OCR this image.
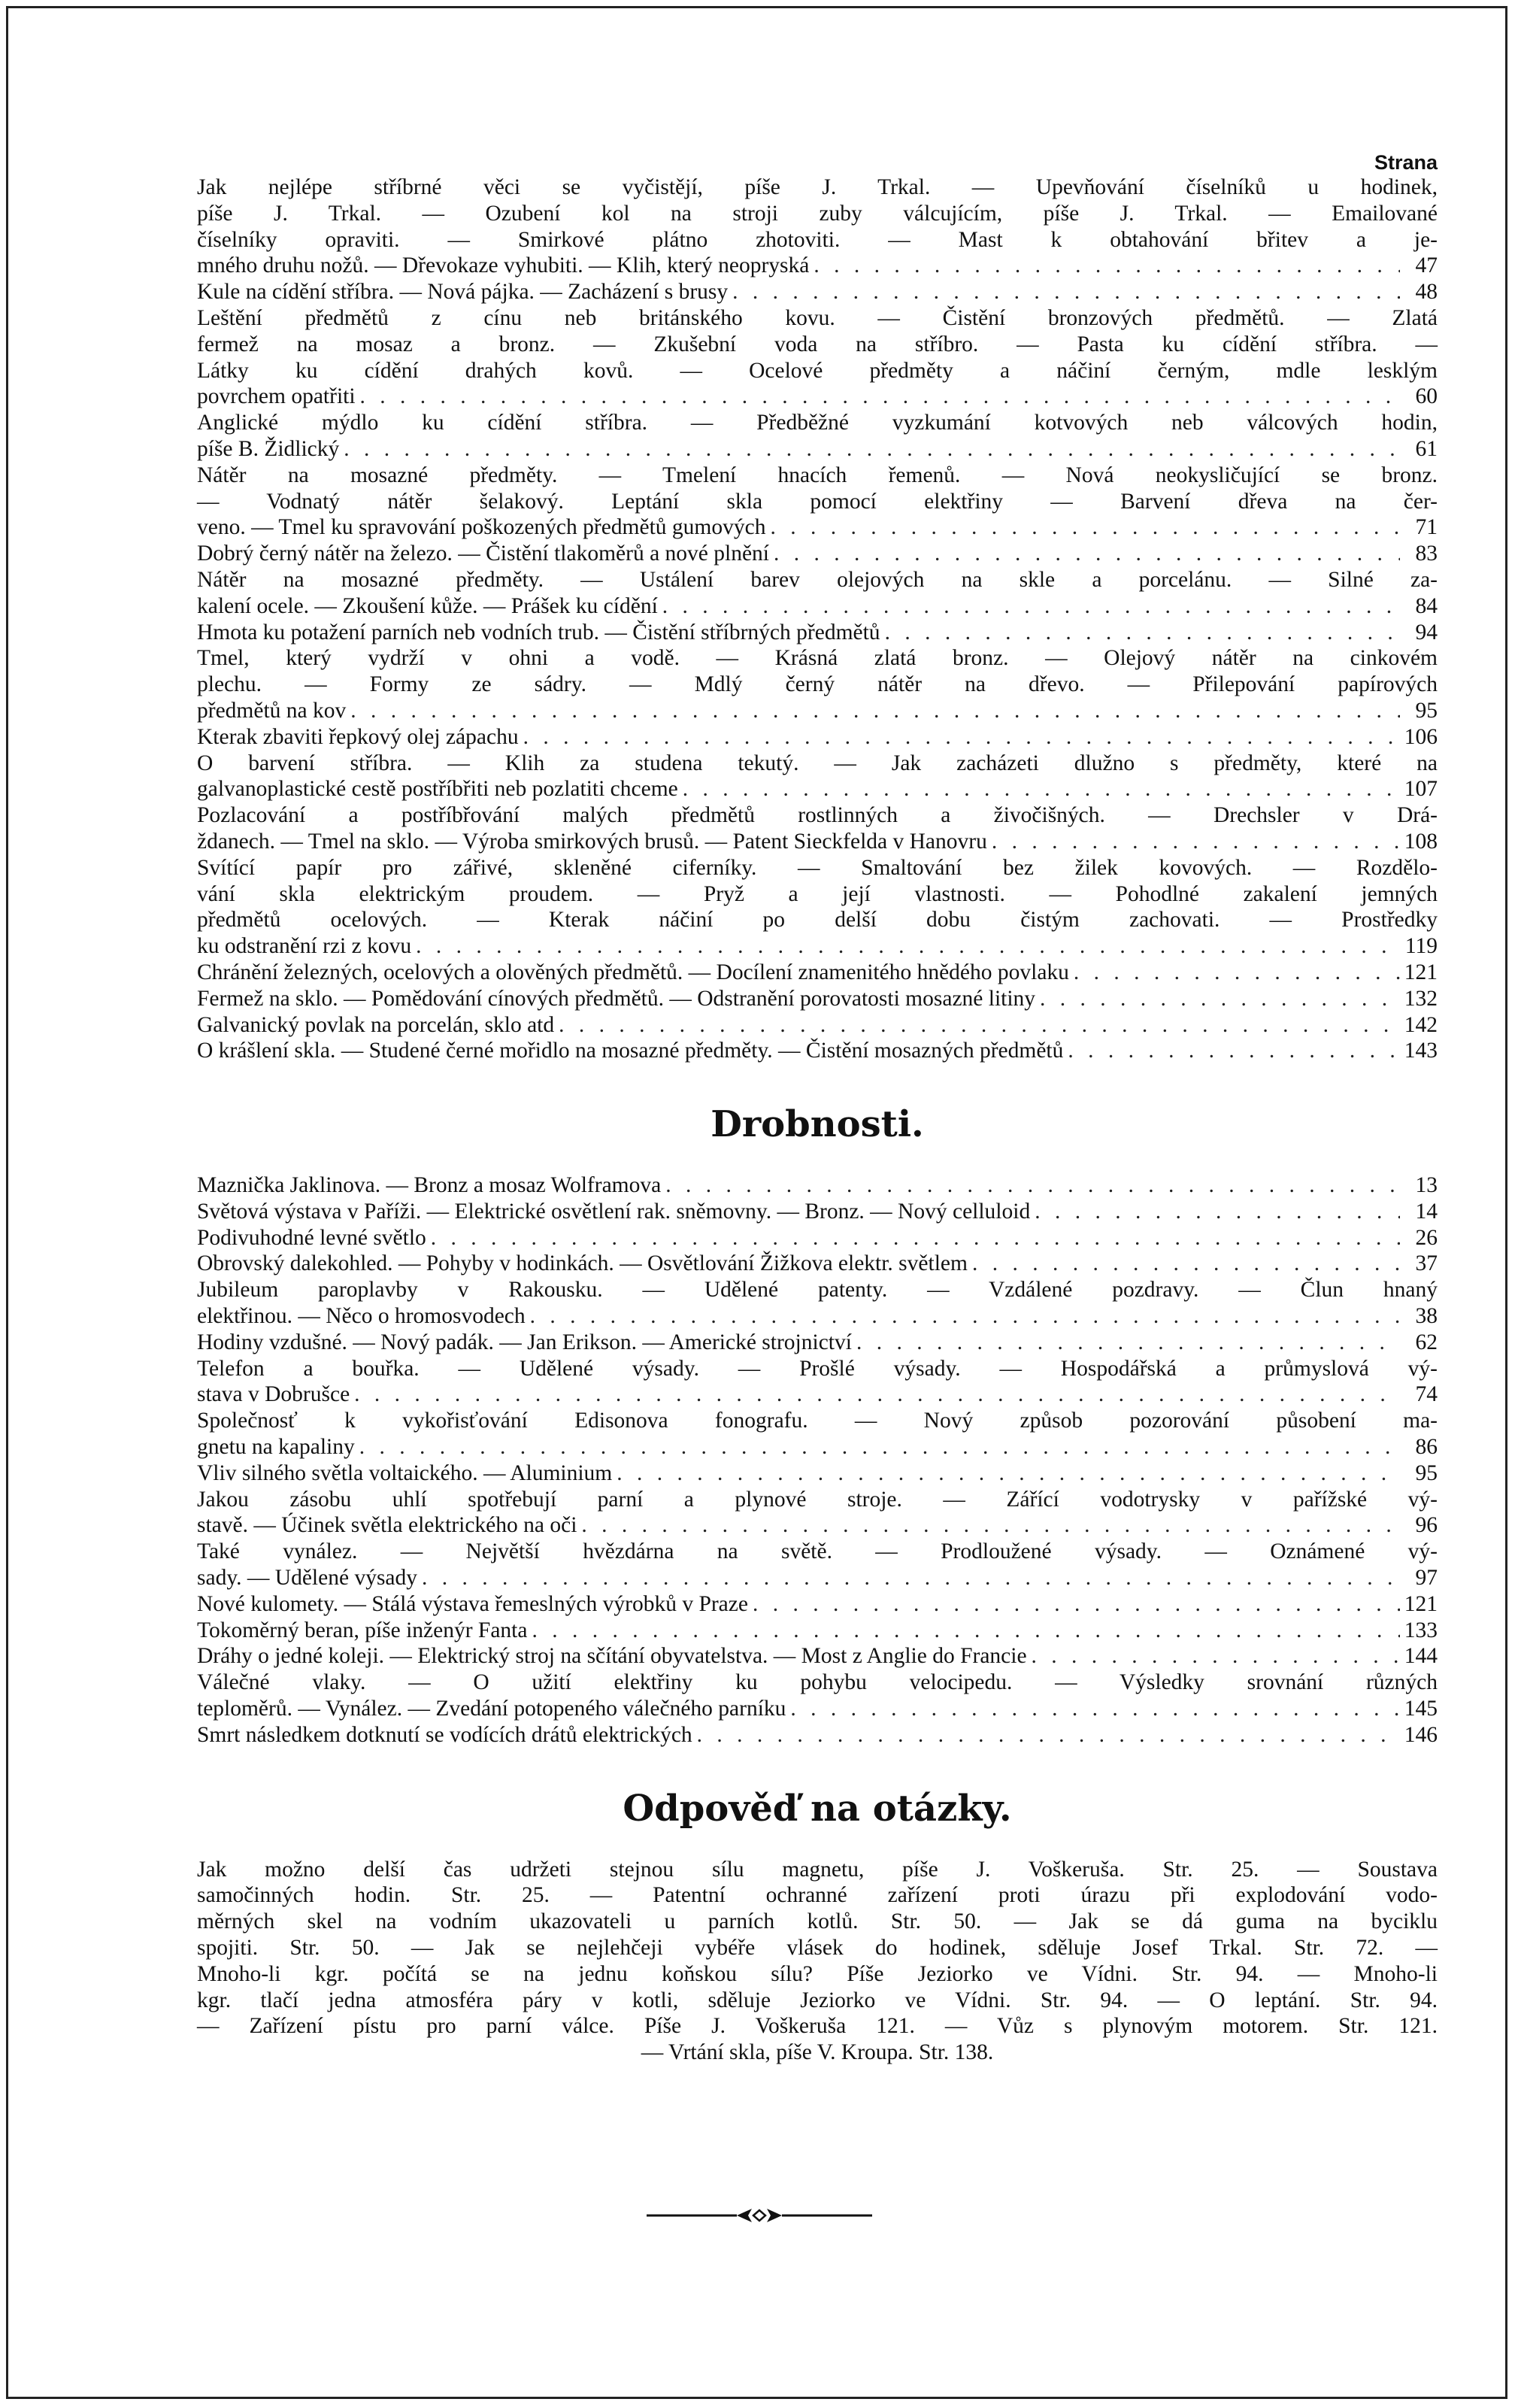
Strana
Jak nejlépe stříbrné věci se vyčistějí, píše J. Trkal. — Upevňování číselníků u hodinek,
píše J. Trkal. — Ozubení kol na stroji zuby válcujícím, píše J. Trkal. — Emailované
číselníky opraviti. — Smirkové plátno zhotoviti. — Mast k obtahování břitev a je-
mného druhu nožů. — Dřevokaze vyhubiti. — Klih, který neopryská . . .	47
Kule na cídění stříbra. — Nová pájka. — Zacházení s brusy . . .	48
Leštění předmětů z cínu neb británského kovu. — Čistění bronzových předmětů. — Zlatá
fermež na mosaz a bronz. — Zkušební voda na stříbro. — Pasta ku cídění stříbra. —
Látky ku cídění drahých kovů. — Ocelové předměty a náčiní černým, mdle lesklým
povrchem opatřiti . . .	60
Anglické mýdlo ku cídění stříbra. — Předběžné vyzkumání kotvových neb válcových hodin,
píše B. Židlický . . .	61
Nátěr na mosazné předměty. — Tmelení hnacích řemenů. — Nová neokysličující se bronz.
— Vodnatý nátěr šelakový. Leptání skla pomocí elektřiny — Barvení dřeva na čer-
veno. — Tmel ku spravování poškozených předmětů gumových . . .	71
Dobrý černý nátěr na železo. — Čistění tlakoměrů a nové plnění . . .	83
Nátěr na mosazné předměty. — Ustálení barev olejových na skle a porcelánu. — Silné za-
kalení ocele. — Zkoušení kůže. — Prášek ku cídění . . .	84
Hmota ku potažení parních neb vodních trub. — Čistění stříbrných předmětů . . .	94
Tmel, který vydrží v ohni a vodě. — Krásná zlatá bronz. — Olejový nátěr na cinkovém
plechu. — Formy ze sádry. — Mdlý černý nátěr na dřevo. — Přilepování papírových
předmětů na kov . . .	95
Kterak zbaviti řepkový olej zápachu . . .	106
O barvení stříbra. — Klih za studena tekutý. — Jak zacházeti dlužno s předměty, které na
galvanoplastické cestě postříbřiti neb pozlatiti chceme . . .	107
Pozlacování a postříbřování malých předmětů rostlinných a živočišných. — Drechsler v Drá-
ždanech. — Tmel na sklo. — Výroba smirkových brusů. — Patent Sieckfelda v Hanovru . . .	108
Svítící papír pro zářivé, skleněné ciferníky. — Smaltování bez žilek kovových. — Rozdělo-
vání skla elektrickým proudem. — Pryž a její vlastnosti. — Pohodlné zakalení jemných
předmětů ocelových. — Kterak náčiní po delší dobu čistým zachovati. — Prostředky
ku odstranění rzi z kovu . . .	119
Chránění železných, ocelových a olověných předmětů. — Docílení znamenitého hnědého povlaku . . .	121
Fermež na sklo. — Pomědování cínových předmětů. — Odstranění porovatosti mosazné litiny . . .	132
Galvanický povlak na porcelán, sklo atd . . .	142
O krášlení skla. — Studené černé mořidlo na mosazné předměty. — Čistění mosazných předmětů . . .	143
Drobnosti.
Maznička Jaklinova. — Bronz a mosaz Wolframova . . .	13
Světová výstava v Paříži. — Elektrické osvětlení rak. sněmovny. — Bronz. — Nový celluloid . . .	14
Podivuhodné levné světlo . . .	26
Obrovský dalekohled. — Pohyby v hodinkách. — Osvětlování Žižkova elektr. světlem . . .	37
Jubileum paroplavby v Rakousku. — Udělené patenty. — Vzdálené pozdravy. — Člun hnaný
elektřinou. — Něco o hromosvodech . . .	38
Hodiny vzdušné. — Nový padák. — Jan Erikson. — Americké strojnictví . . .	62
Telefon a bouřka. — Udělené výsady. — Prošlé výsady. — Hospodářská a průmyslová vý-
stava v Dobrušce . . .	74
Společnosť k vykořisťování Edisonova fonografu. — Nový způsob pozorování působení ma-
gnetu na kapaliny . . .	86
Vliv silného světla voltaického. — Aluminium . . .	95
Jakou zásobu uhlí spotřebují parní a plynové stroje. — Zářící vodotrysky v pařížské vý-
stavě. — Účinek světla elektrického na oči . . .	96
Také vynález. — Největší hvězdárna na světě. — Prodloužené výsady. — Oznámené vý-
sady. — Udělené výsady . . .	97
Nové kulomety. — Stálá výstava řemeslných výrobků v Praze . . .	121
Tokoměrný beran, píše inženýr Fanta . . .	133
Dráhy o jedné koleji. — Elektrický stroj na sčítání obyvatelstva. — Most z Anglie do Francie . . .	144
Válečné vlaky. — O užití elektřiny ku pohybu velocipedu. — Výsledky srovnání různých
teploměrů. — Vynález. — Zvedání potopeného válečného parníku . . .	145
Smrt následkem dotknutí se vodících drátů elektrických . . .	146
Odpověď na otázky.

Jak možno delší čas udržeti stejnou sílu magnetu, píše J. Voškeruša. Str. 25. — Soustava
samočinných hodin. Str. 25. — Patentní ochranné zařízení proti úrazu při explodování vodo-
měrných skel na vodním ukazovateli u parních kotlů. Str. 50. — Jak se dá guma na byciklu
spojiti. Str. 50. — Jak se nejlehčeji vybéře vlásek do hodinek, sděluje Josef Trkal. Str. 72. —
Mnoho-li kgr. počítá se na jednu koňskou sílu? Píše Jeziorko ve Vídni. Str. 94. — Mnoho-li
kgr. tlačí jedna atmosféra páry v kotli, sděluje Jeziorko ve Vídni. Str. 94. — O leptání. Str. 94.
— Zařízení pístu pro parní válce. Píše J. Voškeruša 121. — Vůz s plynovým motorem. Str. 121.
— Vrtání skla, píše V. Kroupa. Str. 138.
